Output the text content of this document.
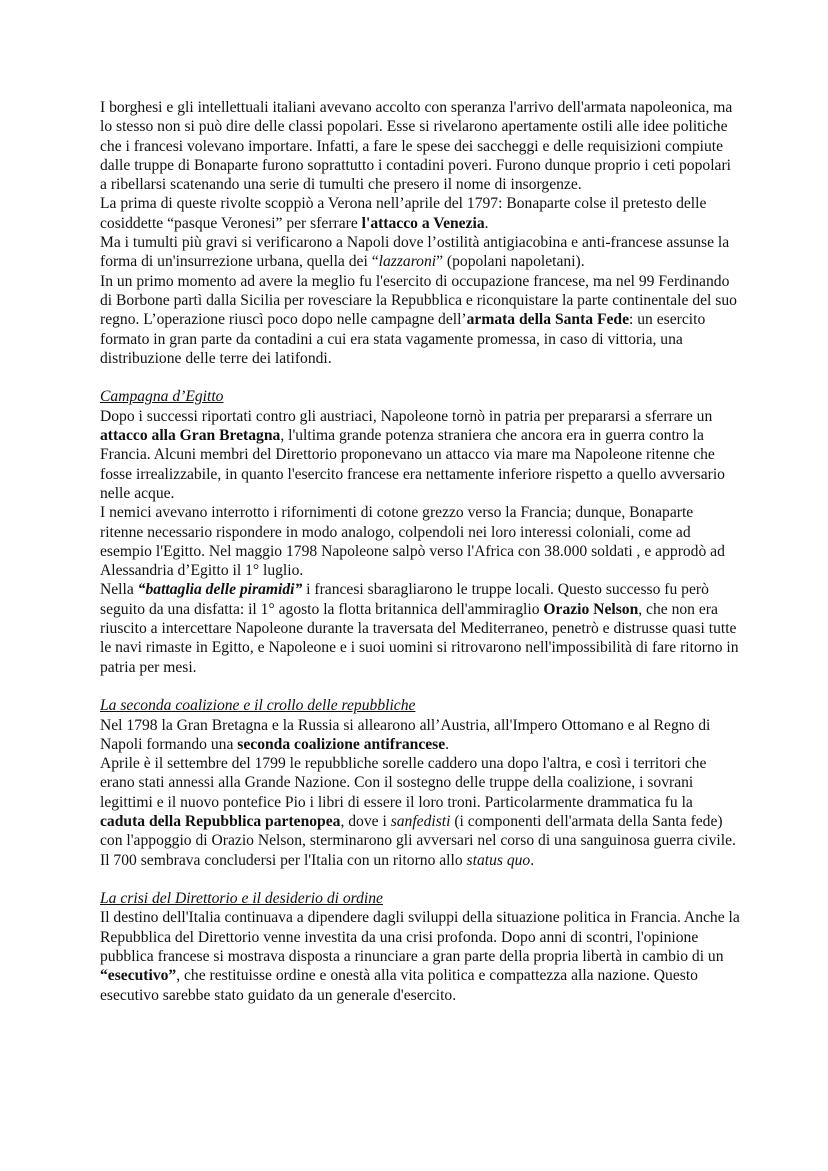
I borghesi e gli intellettuali italiani avevano accolto con speranza l'arrivo dell'armata napoleonica, ma lo stesso non si può dire delle classi popolari. Esse si rivelarono apertamente ostili alle idee politiche che i francesi volevano importare. Infatti, a fare le spese dei saccheggi e delle requisizioni compiute dalle truppe di Bonaparte furono soprattutto i contadini poveri. Furono dunque proprio i ceti popolari a ribellarsi scatenando una serie di tumulti che presero il nome di insorgenze.

La prima di queste rivolte scoppiò a Verona nell’aprile del 1797: Bonaparte colse il pretesto delle cosiddette “pasque Veronesi” per sferrare l'attacco a Venezia.

Ma i tumulti più gravi si verificarono a Napoli dove l’ostilità antigiacobina e anti-francese assunse la forma di un'insurrezione urbana, quella dei “lazzaroni” (popolani napoletani).

In un primo momento ad avere la meglio fu l'esercito di occupazione francese, ma nel 99 Ferdinando di Borbone partì dalla Sicilia per rovesciare la Repubblica e riconquistare la parte continentale del suo regno. L’operazione riuscì poco dopo nelle campagne dell’armata della Santa Fede: un esercito formato in gran parte da contadini a cui era stata vagamente promessa, in caso di vittoria, una distribuzione delle terre dei latifondi.

Campagna d’Egitto

Dopo i successi riportati contro gli austriaci, Napoleone tornò in patria per prepararsi a sferrare un attacco alla Gran Bretagna, l'ultima grande potenza straniera che ancora era in guerra contro la Francia. Alcuni membri del Direttorio proponevano un attacco via mare ma Napoleone ritenne che fosse irrealizzabile, in quanto l'esercito francese era nettamente inferiore rispetto a quello avversario nelle acque.

I nemici avevano interrotto i rifornimenti di cotone grezzo verso la Francia; dunque, Bonaparte ritenne necessario rispondere in modo analogo, colpendoli nei loro interessi coloniali, come ad esempio l'Egitto. Nel maggio 1798 Napoleone salpò verso l'Africa con 38.000 soldati , e approdò ad Alessandria d’Egitto il 1° luglio.

Nella “battaglia delle piramidi” i francesi sbaragliarono le truppe locali. Questo successo fu però seguito da una disfatta: il 1° agosto la flotta britannica dell'ammiraglio Orazio Nelson, che non era riuscito a intercettare Napoleone durante la traversata del Mediterraneo, penetrò e distrusse quasi tutte le navi rimaste in Egitto, e Napoleone e i suoi uomini si ritrovarono nell'impossibilità di fare ritorno in patria per mesi.

La seconda coalizione e il crollo delle repubbliche

Nel 1798 la Gran Bretagna e la Russia si allearono all’Austria, all'Impero Ottomano e al Regno di Napoli formando una seconda coalizione antifrancese.

Aprile è il settembre del 1799 le repubbliche sorelle caddero una dopo l'altra, e così i territori che erano stati annessi alla Grande Nazione. Con il sostegno delle truppe della coalizione, i sovrani legittimi e il nuovo pontefice Pio i libri di essere il loro troni. Particolarmente drammatica fu la caduta della Repubblica partenopea, dove i sanfedisti (i componenti dell'armata della Santa fede) con l'appoggio di Orazio Nelson, sterminarono gli avversari nel corso di una sanguinosa guerra civile. Il 700 sembrava concludersi per l'Italia con un ritorno allo status quo.

La crisi del Direttorio e il desiderio di ordine

Il destino dell'Italia continuava a dipendere dagli sviluppi della situazione politica in Francia. Anche la Repubblica del Direttorio venne investita da una crisi profonda. Dopo anni di scontri, l'opinione pubblica francese si mostrava disposta a rinunciare a gran parte della propria libertà in cambio di un “esecutivo”, che restituisse ordine e onestà alla vita politica e compattezza alla nazione. Questo esecutivo sarebbe stato guidato da un generale d'esercito.
